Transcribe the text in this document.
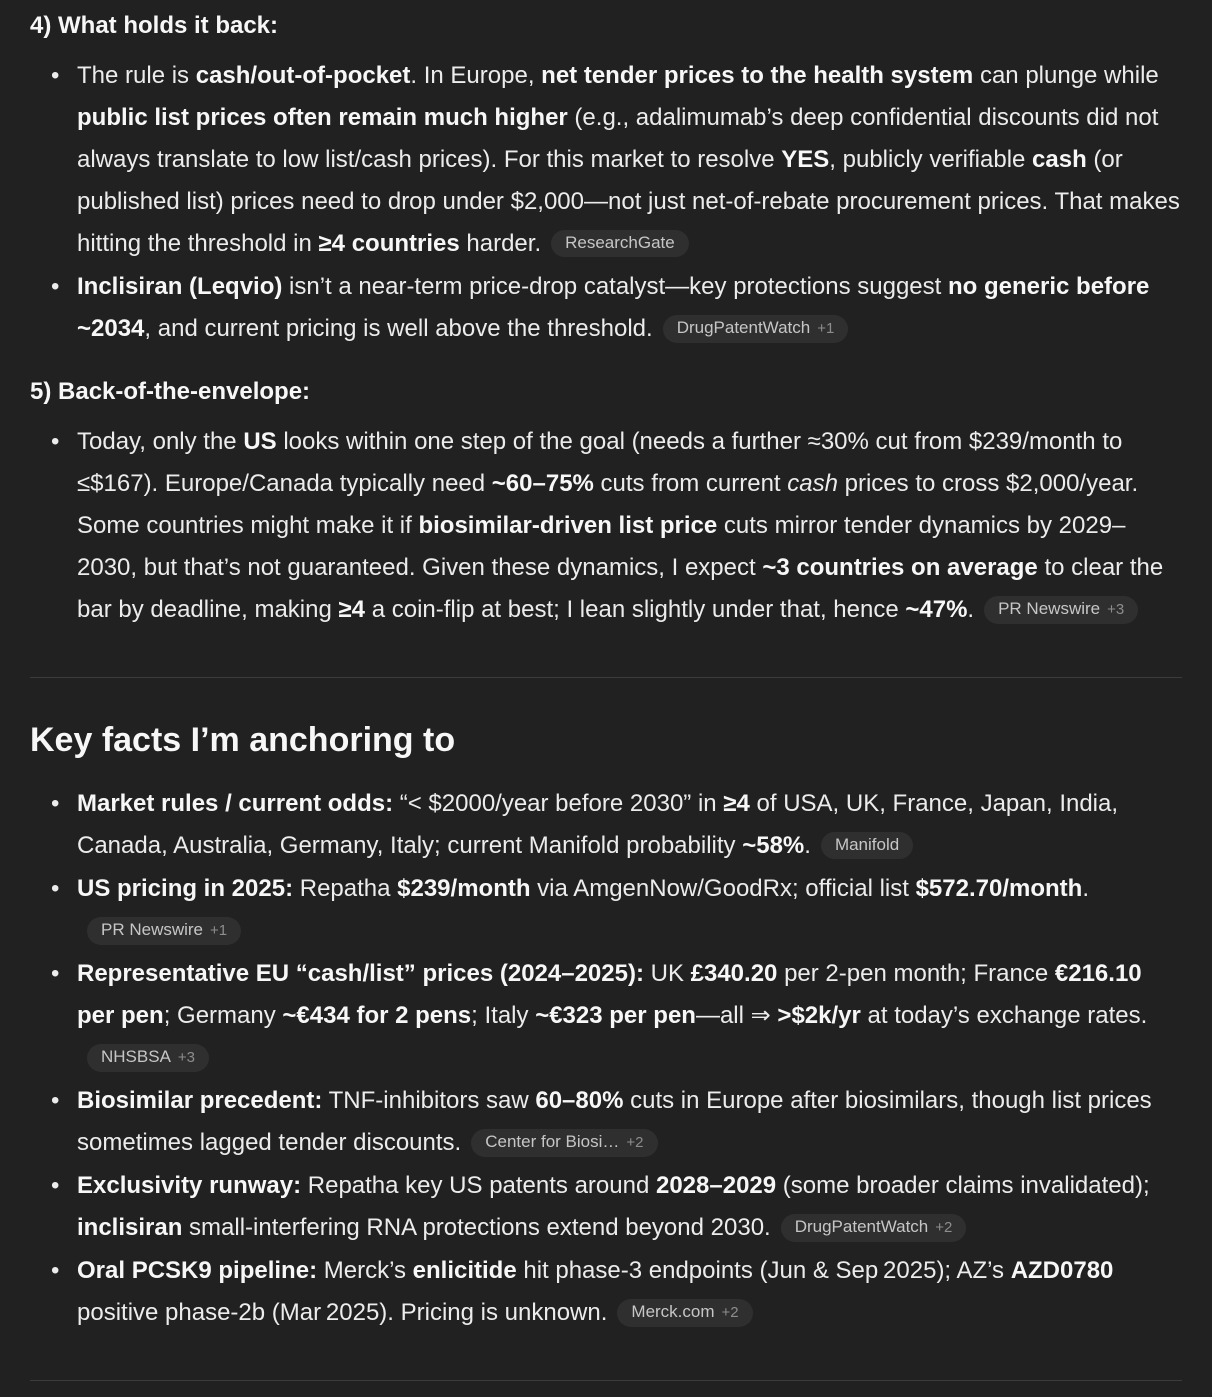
4) What holds it back:
• The rule is cash/out-of-pocket. In Europe, net tender prices to the health system can plunge while public list prices often remain much higher (e.g., adalimumab’s deep confidential discounts did not always translate to low list/cash prices). For this market to resolve YES, publicly verifiable cash (or published list) prices need to drop under $2,000—not just net-of-rebate procurement prices. That makes hitting the threshold in ≥4 countries harder. ResearchGate
• Inclisiran (Leqvio) isn’t a near-term price-drop catalyst—key protections suggest no generic before ~2034, and current pricing is well above the threshold. DrugPatentWatch +1
5) Back-of-the-envelope:
• Today, only the US looks within one step of the goal (needs a further ≈30% cut from $239/month to ≤$167). Europe/Canada typically need ~60–75% cuts from current cash prices to cross $2,000/year. Some countries might make it if biosimilar-driven list price cuts mirror tender dynamics by 2029–2030, but that’s not guaranteed. Given these dynamics, I expect ~3 countries on average to clear the bar by deadline, making ≥4 a coin-flip at best; I lean slightly under that, hence ~47%. PR Newswire +3
Key facts I’m anchoring to
• Market rules / current odds: “< $2000/year before 2030” in ≥4 of USA, UK, France, Japan, India, Canada, Australia, Germany, Italy; current Manifold probability ~58%. Manifold
• US pricing in 2025: Repatha $239/month via AmgenNow/GoodRx; official list $572.70/month.
PR Newswire +1
• Representative EU “cash/list” prices (2024–2025): UK £340.20 per 2-pen month; France €216.10 per pen; Germany ~€434 for 2 pens; Italy ~€323 per pen—all ⇒ >$2k/yr at today’s exchange rates.
NHSBSA +3
• Biosimilar precedent: TNF-inhibitors saw 60–80% cuts in Europe after biosimilars, though list prices sometimes lagged tender discounts. Center for Biosi… +2
• Exclusivity runway: Repatha key US patents around 2028–2029 (some broader claims invalidated); inclisiran small-interfering RNA protections extend beyond 2030. DrugPatentWatch +2
• Oral PCSK9 pipeline: Merck’s enlicitide hit phase-3 endpoints (Jun & Sep 2025); AZ’s AZD0780 positive phase-2b (Mar 2025). Pricing is unknown. Merck.com +2
